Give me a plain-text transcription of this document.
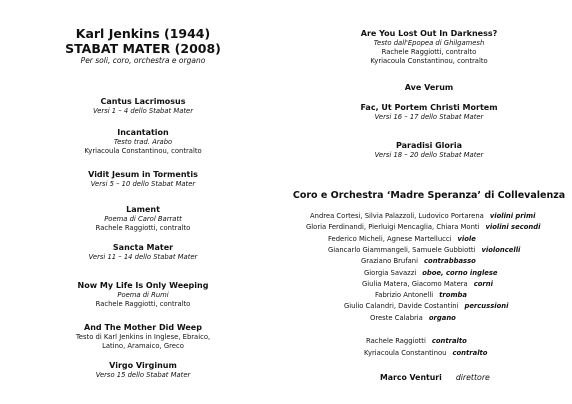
Karl Jenkins (1944)
STABAT MATER (2008)
Per soli, coro, orchestra e organo
Cantus Lacrimosus
Versi 1 – 4 dello Stabat Mater
Incantation
Testo trad. Arabo
Kyriacoula Constantinou, contralto
Vidit Jesum in Tormentis
Versi 5 – 10 dello Stabat Mater
Lament
Poema di Carol Barratt
Rachele Raggiotti, contralto
Sancta Mater
Versi 11 – 14 dello Stabat Mater
Now My Life Is Only Weeping
Poema di Rumi
Rachele Raggiotti, contralto
And The Mother Did Weep
Testo di Karl Jenkins in Inglese, Ebraico,
Latino, Aramaico, Greco
Virgo Virginum
Verso 15 dello Stabat Mater
Are You Lost Out In Darkness?
Testo dall'Epopea di Ghilgamesh
Rachele Raggiotti, contralto
Kyriacoula Constantinou, contralto
Ave Verum
Fac, Ut Portem Christi Mortem
Versi 16 – 17 dello Stabat Mater
Paradisi Gloria
Versi 18 – 20 dello Stabat Mater
Coro e Orchestra ‘Madre Speranza’ di Collevalenza
Andrea Cortesi, Silvia Palazzoli, Ludovico Portarena violini primi
Gloria Ferdinandi, Pierluigi Mencaglia, Chiara Monti violini secondi
Federico Micheli, Agnese Martellucci viole
Giancarlo Giammangeli, Samuele Gubbiotti violoncelli
Graziano Brufani contrabbasso
Giorgia Savazzi oboe, corno inglese
Giulia Matera, Giacomo Matera corni
Fabrizio Antonelli tromba
Giulio Calandri, Davide Costantini percussioni
Oreste Calabria organo
Rachele Raggiotti contralto
Kyriacoula Constantinou contralto
Marco Venturi direttore
